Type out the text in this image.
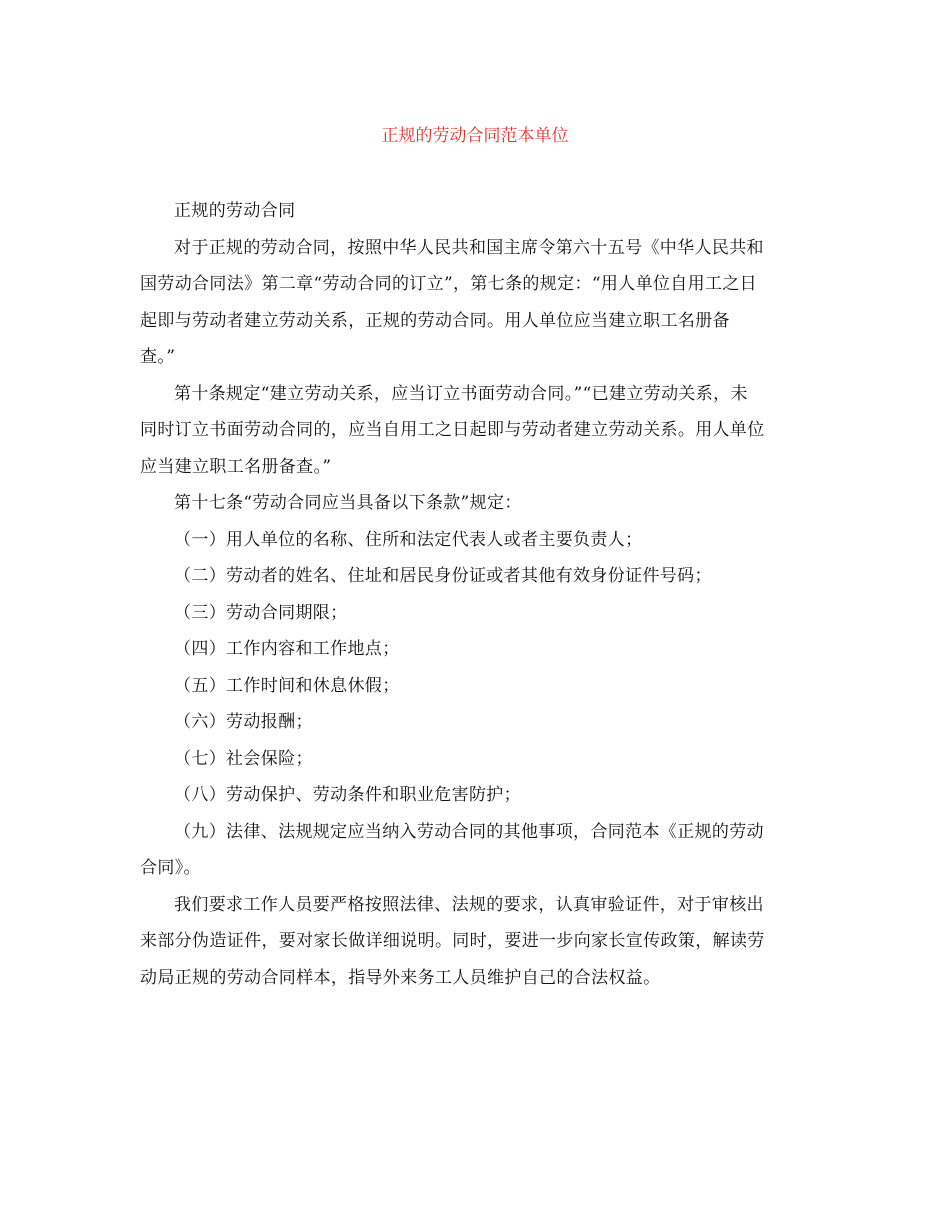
正规的劳动合同范本单位

正规的劳动合同

对于正规的劳动合同，按照中华人民共和国主席令第六十五号《中华人民共和
国劳动合同法》第二章“劳动合同的订立”，第七条的规定：“用人单位自用工之日
起即与劳动者建立劳动关系，正规的劳动合同。用人单位应当建立职工名册备
查。”
第十条规定“建立劳动关系，应当订立书面劳动合同。”“已建立劳动关系，未
同时订立书面劳动合同的，应当自用工之日起即与劳动者建立劳动关系。用人单位
应当建立职工名册备查。”
第十七条“劳动合同应当具备以下条款”规定：
（一）用人单位的名称、住所和法定代表人或者主要负责人；
（二）劳动者的姓名、住址和居民身份证或者其他有效身份证件号码；
（三）劳动合同期限；
（四）工作内容和工作地点；
（五）工作时间和休息休假；
（六）劳动报酬；
（七）社会保险；
（八）劳动保护、劳动条件和职业危害防护；
（九）法律、法规规定应当纳入劳动合同的其他事项，合同范本《正规的劳动
合同》。
我们要求工作人员要严格按照法律、法规的要求，认真审验证件，对于审核出
来部分伪造证件，要对家长做详细说明。同时，要进一步向家长宣传政策，解读劳
动局正规的劳动合同样本，指导外来务工人员维护自己的合法权益。
